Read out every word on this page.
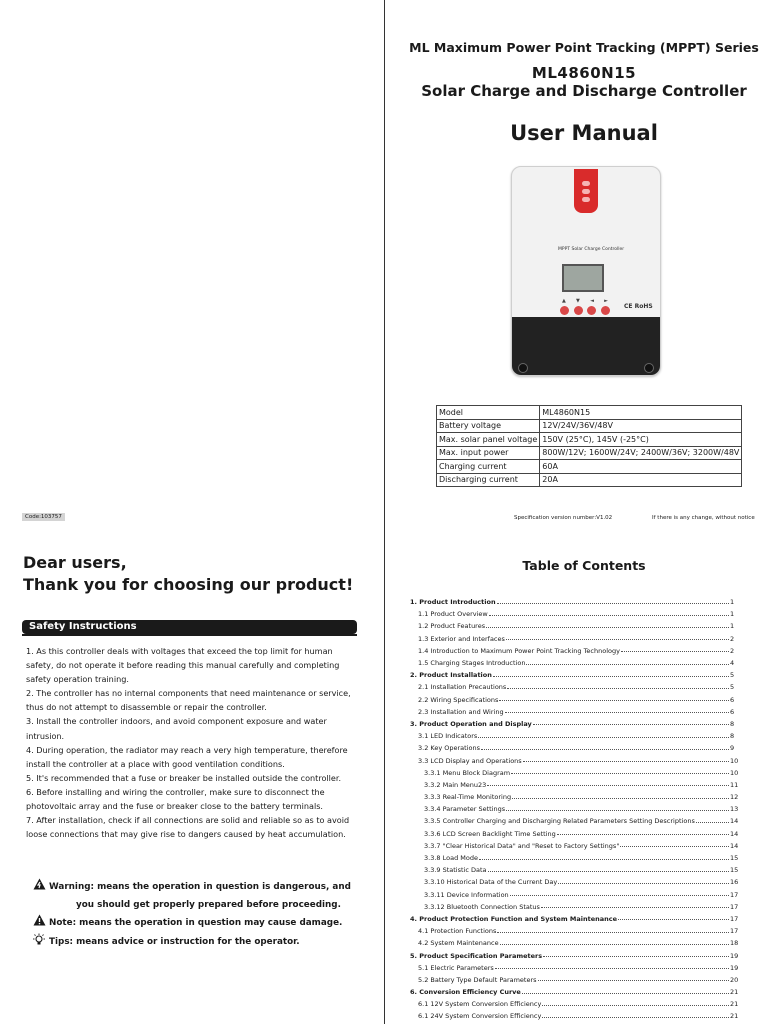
ML Maximum Power Point Tracking (MPPT) Series
ML4860N15
Solar Charge and Discharge Controller
User Manual
MPPT Solar Charge Controller
▲ ▼ ◄ ►
CE RoHS
Model	ML4860N15
Battery voltage	12V/24V/36V/48V
Max. solar panel voltage	150V (25°C), 145V (-25°C)
Max. input power	800W/12V; 1600W/24V; 2400W/36V; 3200W/48V
Charging current	60A
Discharging current	20A
Code:103757	Specification version number:V1.02	If there is any change, without notice
Dear users,
Thank you for choosing our product!
Safety Instructions

1. As this controller deals with voltages that exceed the top limit for human safety, do not operate it before reading this manual carefully and completing safety operation training.

2. The controller has no internal components that need maintenance or service, thus do not attempt to disassemble or repair the controller.

3. Install the controller indoors, and avoid component exposure and water intrusion.

4. During operation, the radiator may reach a very high temperature, therefore install the controller at a place with good ventilation conditions.

5. It's recommended that a fuse or breaker be installed outside the controller.

6. Before installing and wiring the controller, make sure to disconnect the photovoltaic array and the fuse or breaker close to the battery terminals.

7. After installation, check if all connections are solid and reliable so as to avoid loose connections that may give rise to dangers caused by heat accumulation.

Warning: means the operation in question is dangerous, and
you should get properly prepared before proceeding.
Note: means the operation in question may cause damage.
Tips: means advice or instruction for the operator.
Table of Contents
1. Product Introduction	1
1.1 Product Overview	1
1.2 Product Features	1
1.3 Exterior and Interfaces	2
1.4 Introduction to Maximum Power Point Tracking Technology	2
1.5 Charging Stages Introduction	4
2. Product Installation	5
2.1 Installation Precautions	5
2.2 Wiring Specifications	6
2.3 Installation and Wiring	6
3. Product Operation and Display	8
3.1 LED Indicators	8
3.2 Key Operations	9
3.3 LCD Display and Operations	10
3.3.1 Menu Block Diagram	10
3.3.2 Main Menu23	11
3.3.3 Real-Time Monitoring	12
3.3.4 Parameter Settings	13
3.3.5 Controller Charging and Discharging Related Parameters Setting Descriptions	14
3.3.6 LCD Screen Backlight Time Setting	14
3.3.7 "Clear Historical Data" and "Reset to Factory Settings"	14
3.3.8 Load Mode	15
3.3.9 Statistic Data	15
3.3.10 Historical Data of the Current Day	16
3.3.11 Device Information	17
3.3.12 Bluetooth Connection Status	17
4. Product Protection Function and System Maintenance	17
4.1 Protection Functions	17
4.2 System Maintenance	18
5. Product Specification Parameters	19
5.1 Electric Parameters	19
5.2 Battery Type Default Parameters	20
6. Conversion Efficiency Curve	21
6.1 12V System Conversion Efficiency	21
6.1 24V System Conversion Efficiency	21
